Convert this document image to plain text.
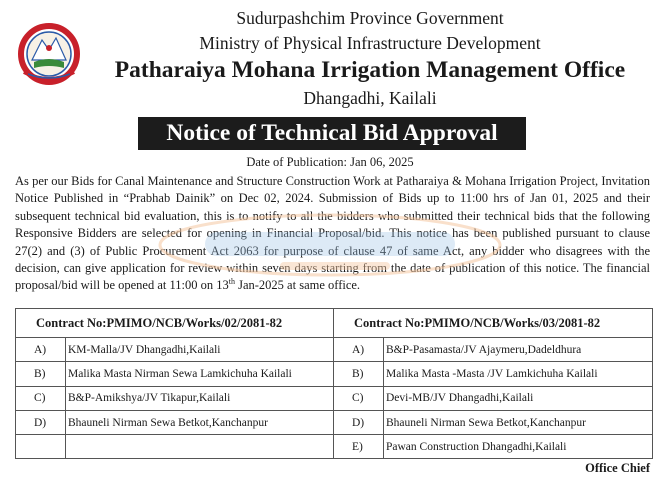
Sudurpashchim Province Government
Ministry of Physical Infrastructure Development
Patharaiya Mohana Irrigation Management Office
Dhangadhi, Kailali
Notice of Technical Bid Approval
Date of Publication: Jan 06, 2025
As per our Bids for Canal Maintenance and Structure Construction Work at Patharaiya & Mohana Irrigation Project, Invitation Notice Published in “Prabhab Dainik” on Dec 02, 2024. Submission of Bids up to 11:00 hrs of Jan 01, 2025 and their subsequent technical bid evaluation, this is to notify to all the bidders who submitted their technical bids that the following Responsive Bidders are selected for opening in Financial Proposal/bid. This notice has been published pursuant to clause 27(2) and (3) of Public Procurement Act 2063 for purpose of clause 47 of same Act, any bidder who disagrees with the decision, can give application for review within seven days starting from the date of publication of this notice. The financial proposal/bid will be opened at 11:00 on 13th Jan-2025 at same office.
Contract No:PMIMO/NCB/Works/02/2081-82		Contract No:PMIMO/NCB/Works/03/2081-82	
A)	KM-Malla/JV Dhangadhi,Kailali	A)	B&P-Pasamasta/JV Ajaymeru,Dadeldhura
B)	Malika Masta Nirman Sewa Lamkichuha Kailali	B)	Malika Masta -Masta /JV Lamkichuha Kailali
C)	B&P-Amikshya/JV Tikapur,Kailali	C)	Devi-MB/JV Dhangadhi,Kailali
D)	Bhauneli Nirman Sewa Betkot,Kanchanpur	D)	Bhauneli Nirman Sewa Betkot,Kanchanpur
		E)	Pawan Construction Dhangadhi,Kailali
Office Chief
